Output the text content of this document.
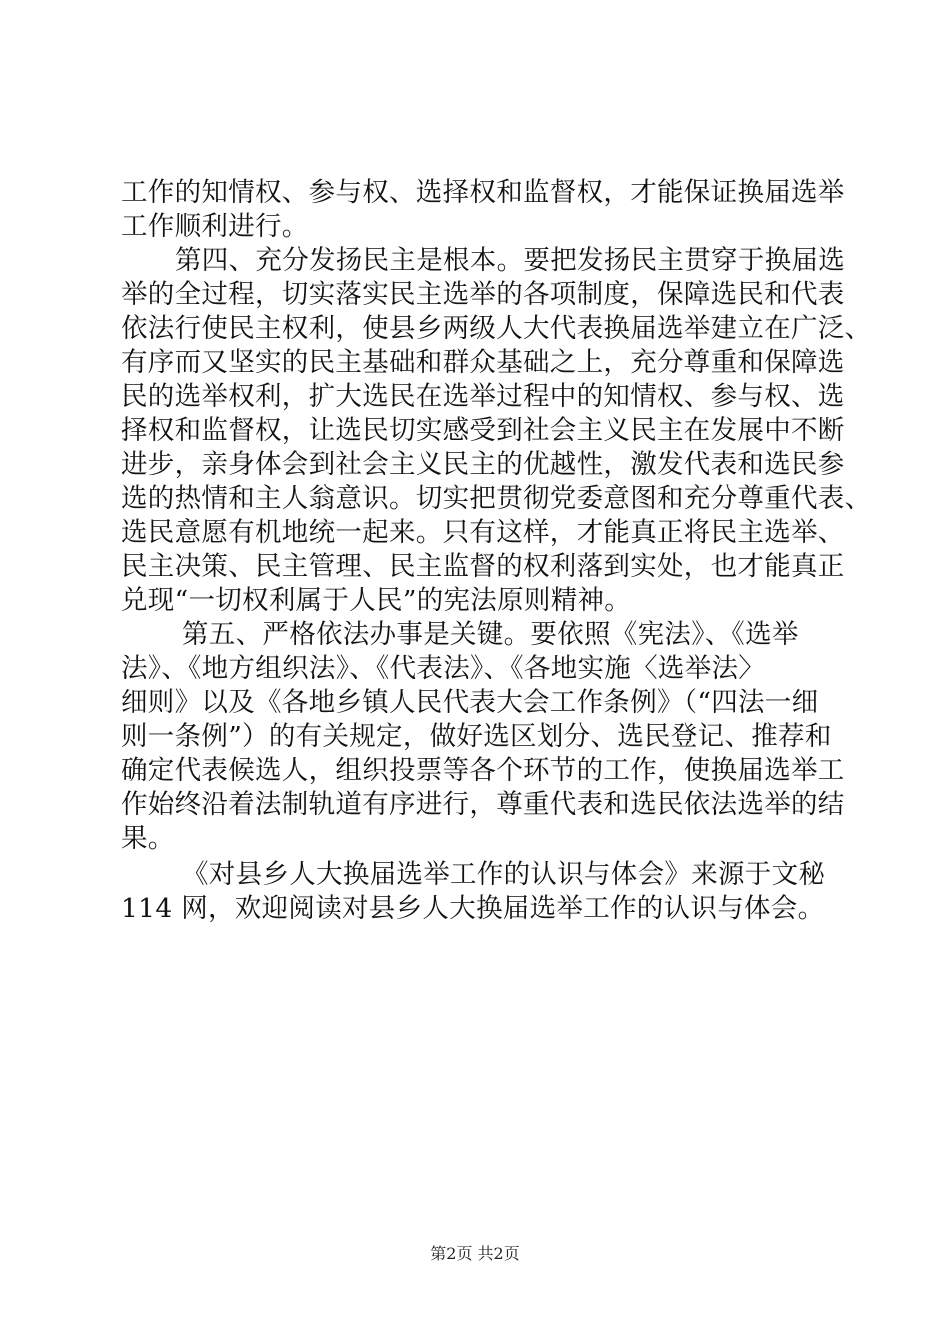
工作的知情权、参与权、选择权和监督权，才能保证换届选举
工作顺利进行。
第四、充分发扬民主是根本。要把发扬民主贯穿于换届选
举的全过程，切实落实民主选举的各项制度，保障选民和代表
依法行使民主权利，使县乡两级人大代表换届选举建立在广泛、
有序而又坚实的民主基础和群众基础之上，充分尊重和保障选
民的选举权利，扩大选民在选举过程中的知情权、参与权、选
择权和监督权，让选民切实感受到社会主义民主在发展中不断
进步，亲身体会到社会主义民主的优越性，激发代表和选民参
选的热情和主人翁意识。切实把贯彻党委意图和充分尊重代表、
选民意愿有机地统一起来。只有这样，才能真正将民主选举、
民主决策、民主管理、民主监督的权利落到实处，也才能真正
兑现“一切权利属于人民”的宪法原则精神。
第五、严格依法办事是关键。要依照《宪法》、《选举
法》、《地方组织法》、《代表法》、《各地实施〈选举法〉
细则》以及《各地乡镇人民代表大会工作条例》（“四法一细
则一条例”）的有关规定，做好选区划分、选民登记、推荐和
确定代表候选人，组织投票等各个环节的工作，使换届选举工
作始终沿着法制轨道有序进行，尊重代表和选民依法选举的结
果。
《对县乡人大换届选举工作的认识与体会》来源于文秘
114 网，欢迎阅读对县乡人大换届选举工作的认识与体会。
第2页 共2页
